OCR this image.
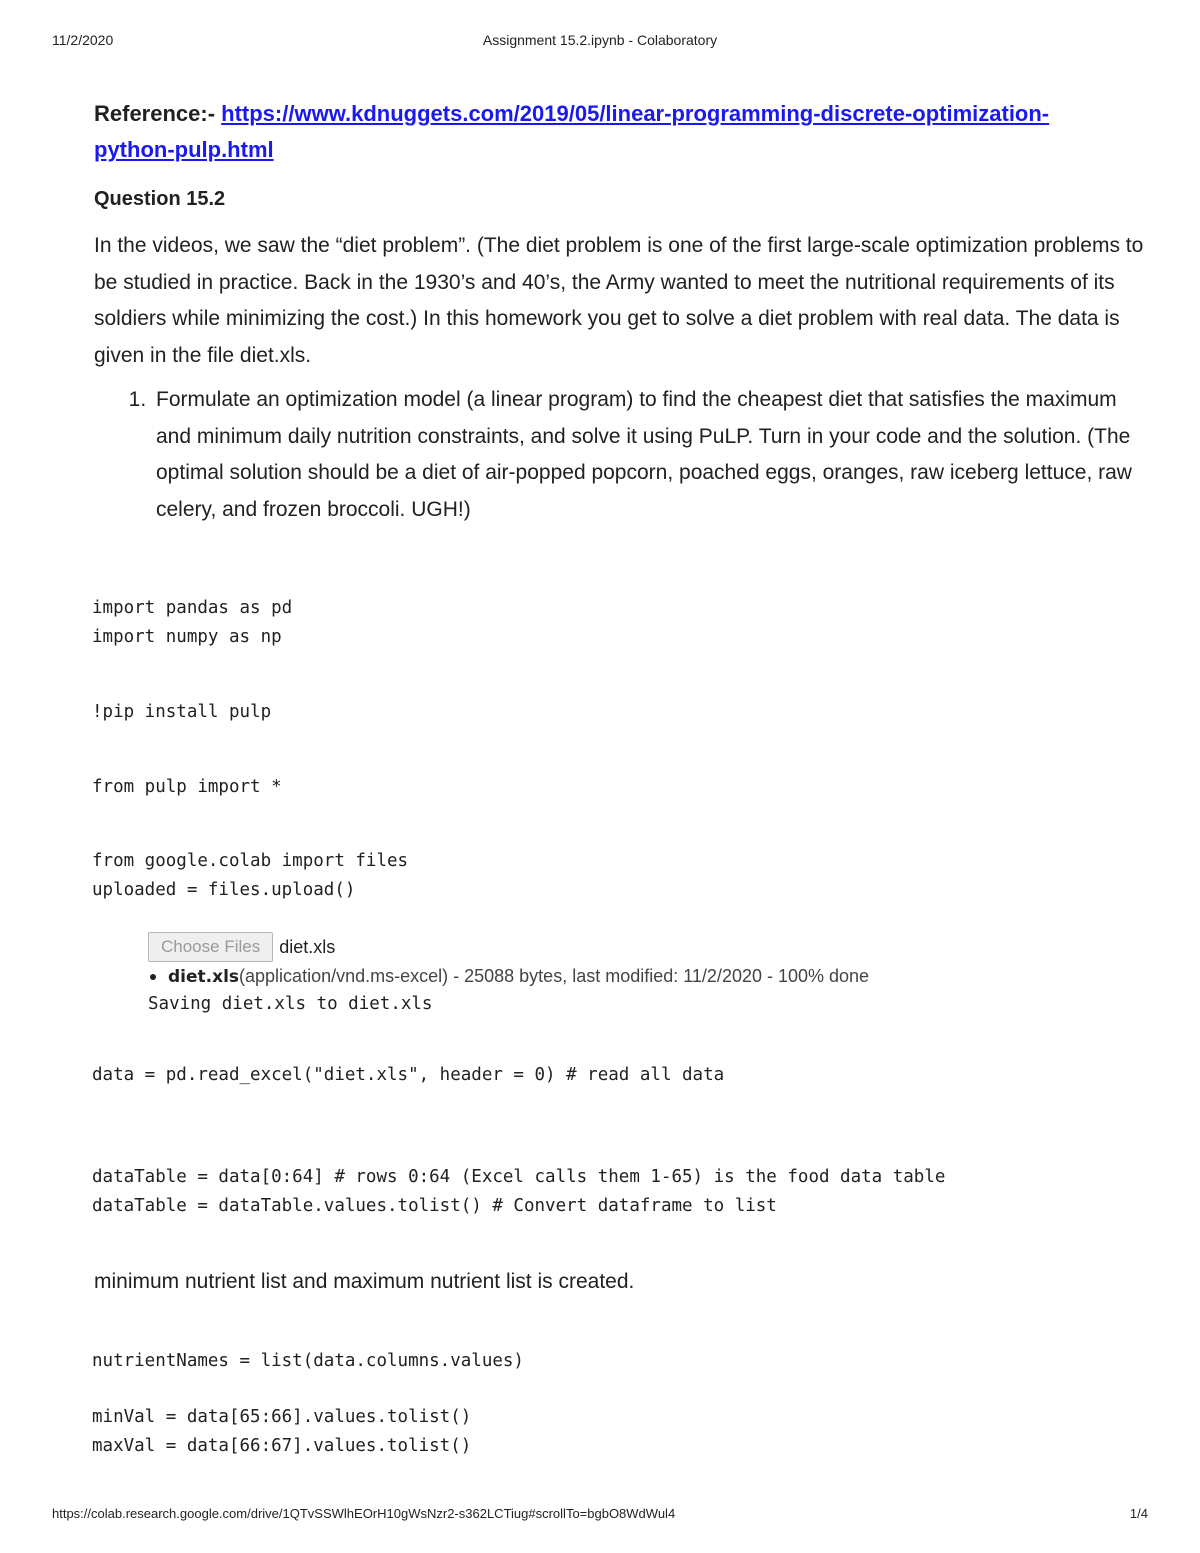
11/2/2020	Assignment 15.2.ipynb - Colaboratory

Reference:- https://www.kdnuggets.com/2019/05/linear-programming-discrete-optimization-
python-pulp.html

Question 15.2

In the videos, we saw the “diet problem”. (The diet problem is one of the first large-scale optimization problems to be studied in practice. Back in the 1930’s and 40’s, the Army wanted to meet the nutritional requirements of its soldiers while minimizing the cost.) In this homework you get to solve a diet problem with real data. The data is given in the file diet.xls.

1. Formulate an optimization model (a linear program) to find the cheapest diet that satisfies the maximum and minimum daily nutrition constraints, and solve it using PuLP. Turn in your code and the solution. (The optimal solution should be a diet of air-popped popcorn, poached eggs, oranges, raw iceberg lettuce, raw celery, and frozen broccoli. UGH!)
import pandas as pd
import numpy as np
!pip install pulp
from pulp import *
from google.colab import files
uploaded = files.upload()
Choose Files	diet.xls
diet.xls(application/vnd.ms-excel) - 25088 bytes, last modified: 11/2/2020 - 100% done
Saving diet.xls to diet.xls
data = pd.read_excel("diet.xls", header = 0) # read all data
dataTable = data[0:64] # rows 0:64 (Excel calls them 1-65) is the food data table
dataTable = dataTable.values.tolist() # Convert dataframe to list
minimum nutrient list and maximum nutrient list is created.
nutrientNames = list(data.columns.values)
minVal = data[65:66].values.tolist()
maxVal = data[66:67].values.tolist()
https://colab.research.google.com/drive/1QTvSSWlhEOrH10gWsNzr2-s362LCTiug#scrollTo=bgbO8WdWul4	1/4
